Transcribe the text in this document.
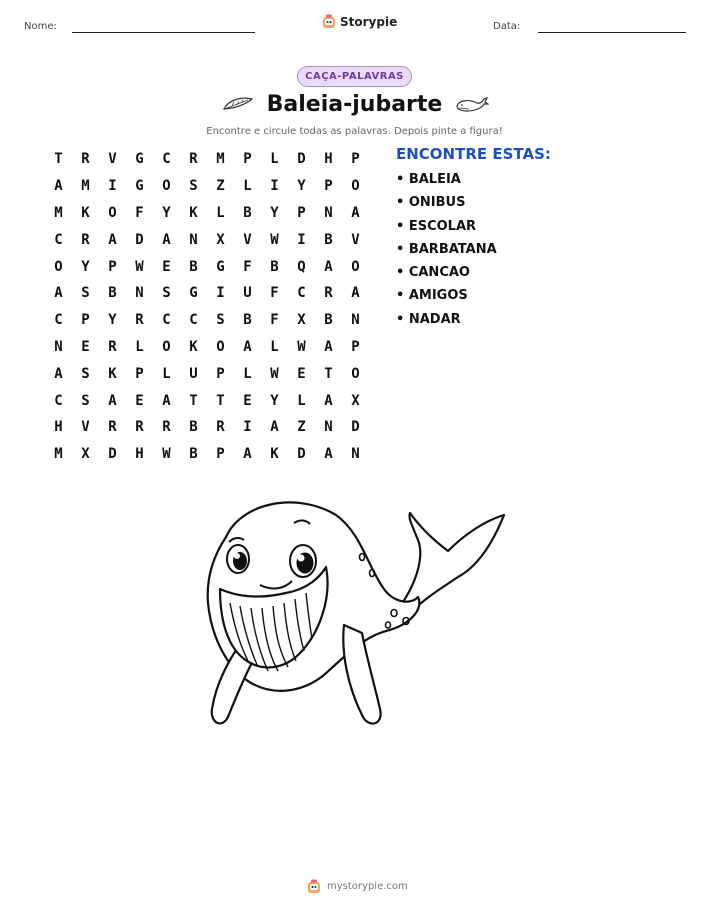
Nome:	Storypie	Data:
CAÇA-PALAVRAS
Baleia-jubarte
Encontre e circule todas as palavras. Depois pinte a figura!
T	R	V	G	C	R	M	P	L	D	H	P
A	M	I	G	O	S	Z	L	I	Y	P	O
M	K	O	F	Y	K	L	B	Y	P	N	A
C	R	A	D	A	N	X	V	W	I	B	V
O	Y	P	W	E	B	G	F	B	Q	A	O
A	S	B	N	S	G	I	U	F	C	R	A
C	P	Y	R	C	C	S	B	F	X	B	N
N	E	R	L	O	K	O	A	L	W	A	P
A	S	K	P	L	U	P	L	W	E	T	O
C	S	A	E	A	T	T	E	Y	L	A	X
H	V	R	R	R	B	R	I	A	Z	N	D
M	X	D	H	W	B	P	A	K	D	A	N
ENCONTRE ESTAS:
• BALEIA
• ONIBUS
• ESCOLAR
• BARBATANA
• CANCAO
• AMIGOS
• NADAR
mystorypie.com
